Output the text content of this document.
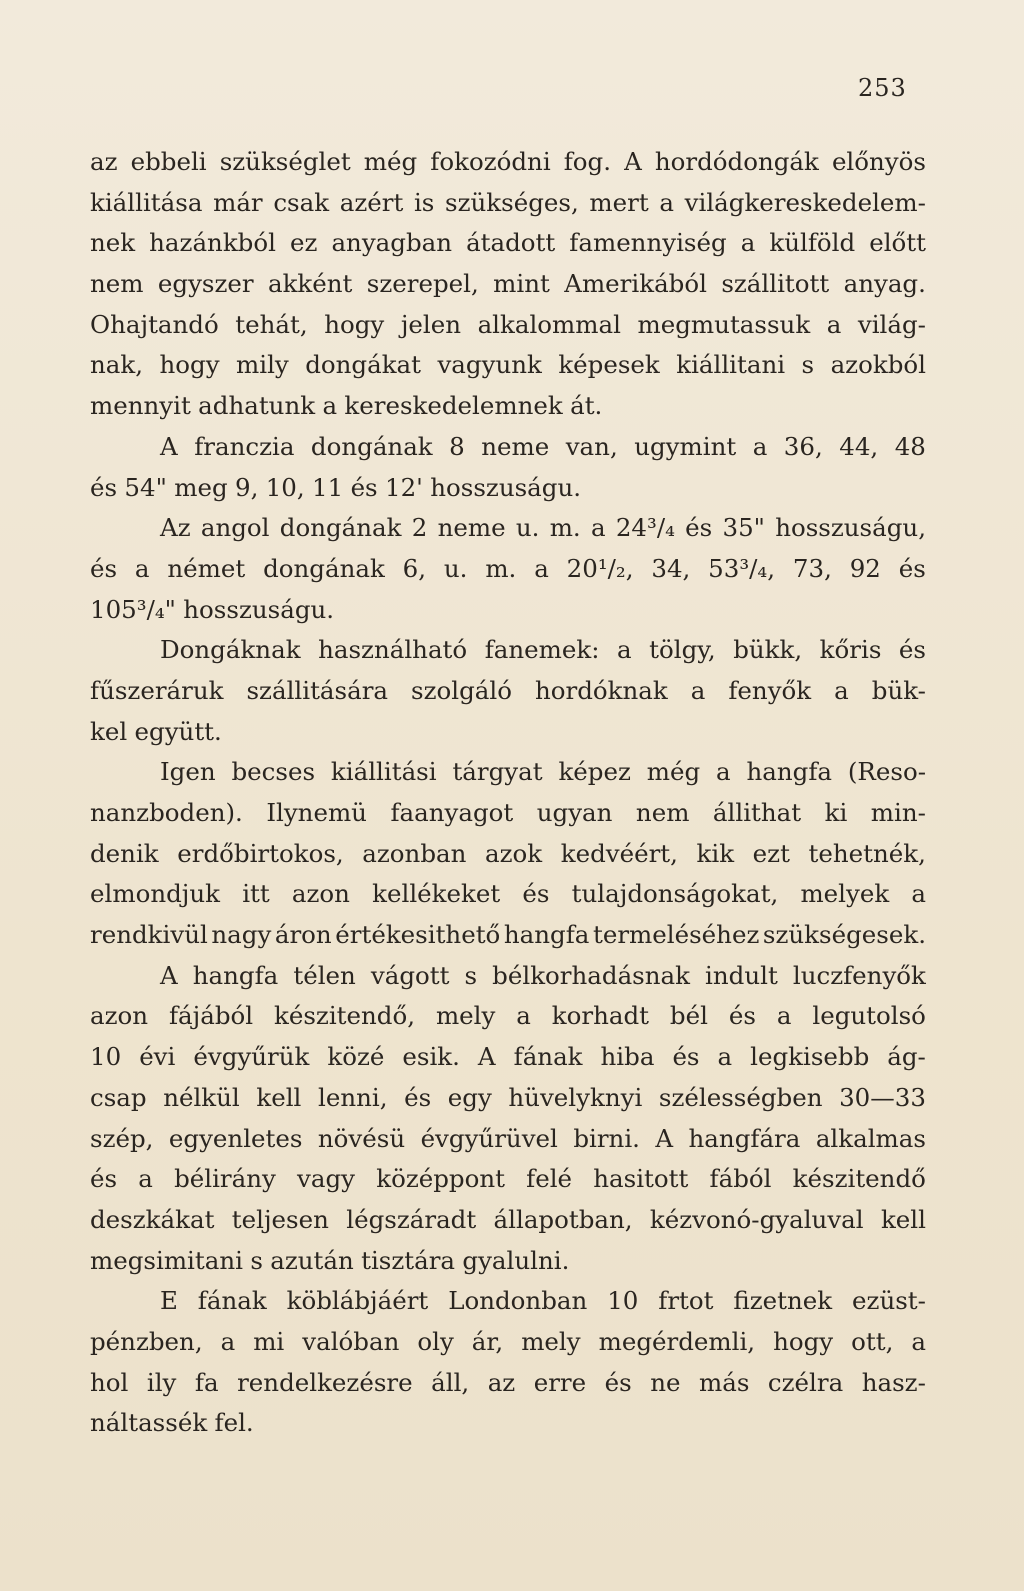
253
az ebbeli szükséglet még fokozódni fog. A hordódongák előnyös
kiállitása már csak azért is szükséges, mert a világkereskedelem-
nek hazánkból ez anyagban átadott famennyiség a külföld előtt
nem egyszer akként szerepel, mint Amerikából szállitott anyag.
Ohajtandó tehát, hogy jelen alkalommal megmutassuk a világ-
nak, hogy mily dongákat vagyunk képesek kiállitani s azokból
mennyit adhatunk a kereskedelemnek át.
A franczia dongának 8 neme van, ugymint a 36, 44, 48
és 54" meg 9, 10, 11 és 12' hosszuságu.
Az angol dongának 2 neme u. m. a 24³/₄ és 35" hosszuságu,
és a német dongának 6, u. m. a 20¹/₂, 34, 53³/₄, 73, 92 és
105³/₄" hosszuságu.
Dongáknak használható fanemek: a tölgy, bükk, kőris és
fűszeráruk szállitására szolgáló hordóknak a fenyők a bük-
kel együtt.
Igen becses kiállitási tárgyat képez még a hangfa (Reso-
nanzboden). Ilynemü faanyagot ugyan nem állithat ki min-
denik erdőbirtokos, azonban azok kedvéért, kik ezt tehetnék,
elmondjuk itt azon kellékeket és tulajdonságokat, melyek a
rendkivül nagy áron értékesithető hangfa termeléséhez szükségesek.
A hangfa télen vágott s bélkorhadásnak indult luczfenyők
azon fájából készitendő, mely a korhadt bél és a legutolsó
10 évi évgyűrük közé esik. A fának hiba és a legkisebb ág-
csap nélkül kell lenni, és egy hüvelyknyi szélességben 30—33
szép, egyenletes növésü évgyűrüvel birni. A hangfára alkalmas
és a bélirány vagy középpont felé hasitott fából készitendő
deszkákat teljesen légszáradt állapotban, kézvonó-gyaluval kell
megsimitani s azután tisztára gyalulni.
E fának köblábjáért Londonban 10 frtot fizetnek ezüst-
pénzben, a mi valóban oly ár, mely megérdemli, hogy ott, a
hol ily fa rendelkezésre áll, az erre és ne más czélra hasz-
náltassék fel.
